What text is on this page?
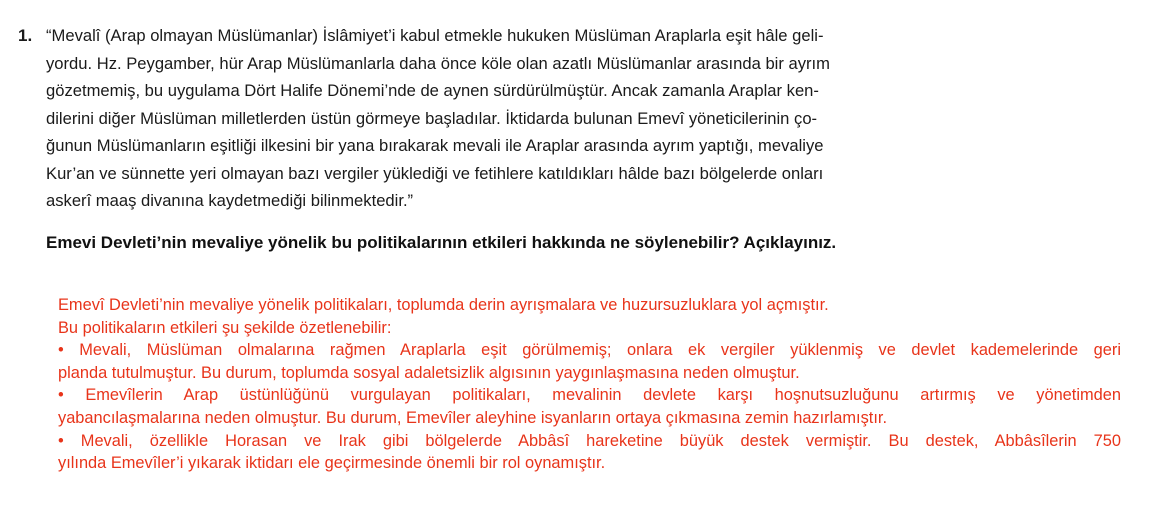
1. “Mevalî (Arap olmayan Müslümanlar) İslâmiyet’i kabul etmekle hukuken Müslüman Araplarla eşit hâle geli-
yordu. Hz. Peygamber, hür Arap Müslümanlarla daha önce köle olan azatlı Müslümanlar arasında bir ayrım
gözetmemiş, bu uygulama Dört Halife Dönemi’nde de aynen sürdürülmüştür. Ancak zamanla Araplar ken-
dilerini diğer Müslüman milletlerden üstün görmeye başladılar. İktidarda bulunan Emevî yöneticilerinin ço-
ğunun Müslümanların eşitliği ilkesini bir yana bırakarak mevali ile Araplar arasında ayrım yaptığı, mevaliye
Kur’an ve sünnette yeri olmayan bazı vergiler yüklediği ve fetihlere katıldıkları hâlde bazı bölgelerde onları
askerî maaş divanına kaydetmediği bilinmektedir.”
Emevi Devleti’nin mevaliye yönelik bu politikalarının etkileri hakkında ne söylenebilir? Açıklayınız.
Emevî Devleti’nin mevaliye yönelik politikaları, toplumda derin ayrışmalara ve huzursuzluklara yol açmıştır.
Bu politikaların etkileri şu şekilde özetlenebilir:
• Mevali, Müslüman olmalarına rağmen Araplarla eşit görülmemiş; onlara ek vergiler yüklenmiş ve devlet kademelerinde geri
planda tutulmuştur. Bu durum, toplumda sosyal adaletsizlik algısının yaygınlaşmasına neden olmuştur.
• Emevîlerin Arap üstünlüğünü vurgulayan politikaları, mevalinin devlete karşı hoşnutsuzluğunu artırmış ve yönetimden
yabancılaşmalarına neden olmuştur. Bu durum, Emevîler aleyhine isyanların ortaya çıkmasına zemin hazırlamıştır.
• Mevali, özellikle Horasan ve Irak gibi bölgelerde Abbâsî hareketine büyük destek vermiştir. Bu destek, Abbâsîlerin 750
yılında Emevîler’i yıkarak iktidarı ele geçirmesinde önemli bir rol oynamıştır.
